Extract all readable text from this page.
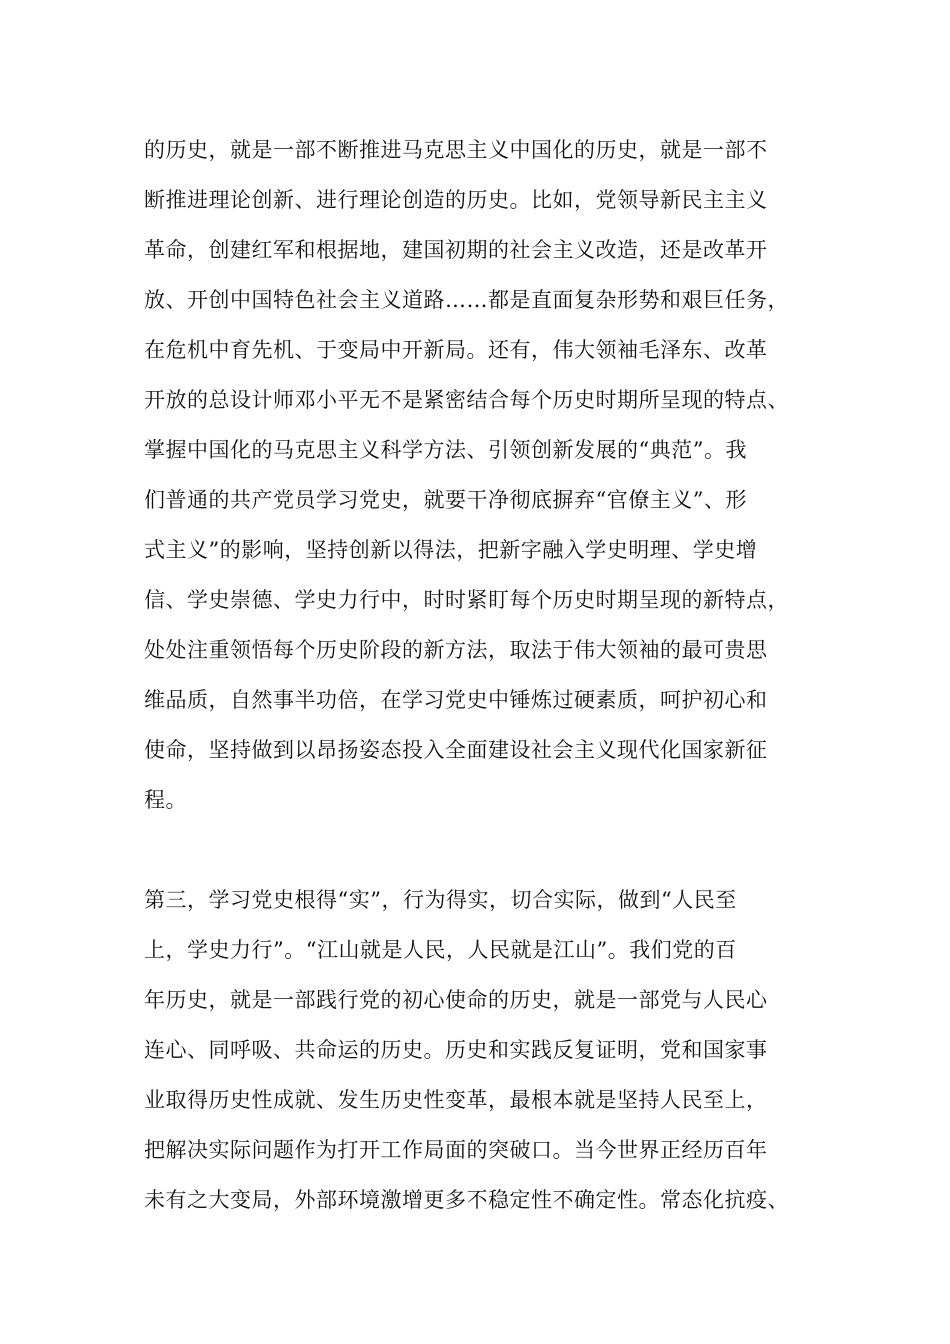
的历史，就是一部不断推进马克思主义中国化的历史，就是一部不
断推进理论创新、进行理论创造的历史。比如，党领导新民主主义
革命，创建红军和根据地，建国初期的社会主义改造，还是改革开
放、开创中国特色社会主义道路……都是直面复杂形势和艰巨任务，
在危机中育先机、于变局中开新局。还有，伟大领袖毛泽东、改革
开放的总设计师邓小平无不是紧密结合每个历史时期所呈现的特点、
掌握中国化的马克思主义科学方法、引领创新发展的“典范”。我
们普通的共产党员学习党史，就要干净彻底摒弃“官僚主义”、形
式主义”的影响，坚持创新以得法，把新字融入学史明理、学史增
信、学史崇德、学史力行中，时时紧盯每个历史时期呈现的新特点，
处处注重领悟每个历史阶段的新方法，取法于伟大领袖的最可贵思
维品质，自然事半功倍，在学习党史中锤炼过硬素质，呵护初心和
使命，坚持做到以昂扬姿态投入全面建设社会主义现代化国家新征
程。
第三，学习党史根得“实”，行为得实，切合实际，做到“人民至
上，学史力行”。“江山就是人民，人民就是江山”。我们党的百
年历史，就是一部践行党的初心使命的历史，就是一部党与人民心
连心、同呼吸、共命运的历史。历史和实践反复证明，党和国家事
业取得历史性成就、发生历史性变革，最根本就是坚持人民至上，
把解决实际问题作为打开工作局面的突破口。当今世界正经历百年
未有之大变局，外部环境激增更多不稳定性不确定性。常态化抗疫、
